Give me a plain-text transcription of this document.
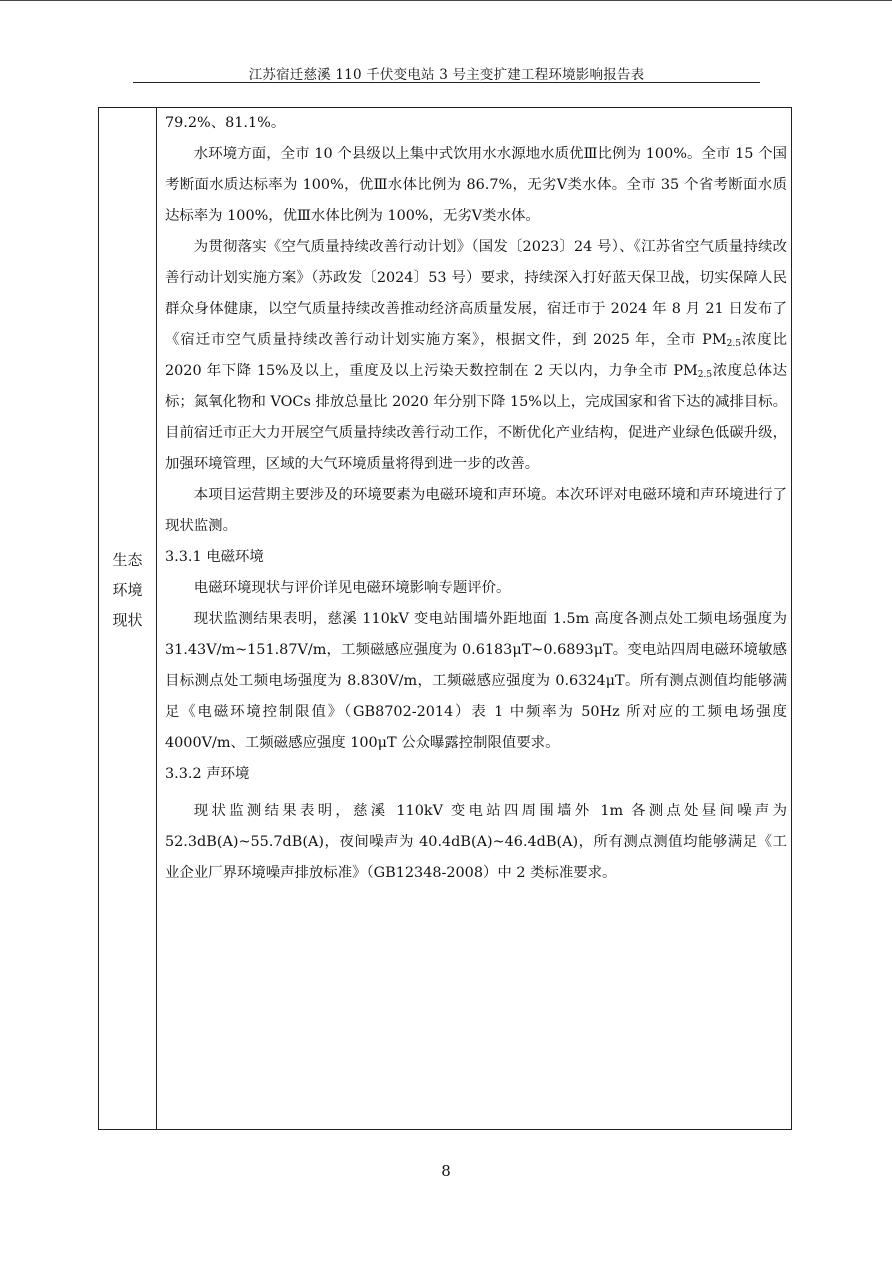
江苏宿迁慈溪 110 千伏变电站 3 号主变扩建工程环境影响报告表
生态
环境
现状

79.2%、81.1%。

水环境方面，全市 10 个县级以上集中式饮用水水源地水质优Ⅲ比例为 100%。全市 15 个国考断面水质达标率为 100%，优Ⅲ水体比例为 86.7%，无劣Ⅴ类水体。全市 35 个省考断面水质达标率为 100%，优Ⅲ水体比例为 100%，无劣Ⅴ类水体。

为贯彻落实《空气质量持续改善行动计划》（国发〔2023〕24 号）、《江苏省空气质量持续改善行动计划实施方案》（苏政发〔2024〕53 号）要求，持续深入打好蓝天保卫战，切实保障人民群众身体健康，以空气质量持续改善推动经济高质量发展，宿迁市于 2024 年 8 月 21 日发布了《宿迁市空气质量持续改善行动计划实施方案》，根据文件，到 2025 年，全市 $PM_{2.5}$浓度比 2020 年下降 15%及以上，重度及以上污染天数控制在 2 天以内，力争全市 $PM_{2.5}$浓度总体达标；氮氧化物和 VOCs 排放总量比 2020 年分别下降 15%以上，完成国家和省下达的减排目标。目前宿迁市正大力开展空气质量持续改善行动工作，不断优化产业结构，促进产业绿色低碳升级，加强环境管理，区域的大气环境质量将得到进一步的改善。

本项目运营期主要涉及的环境要素为电磁环境和声环境。本次环评对电磁环境和声环境进行了现状监测。

3.3.1 电磁环境

电磁环境现状与评价详见电磁环境影响专题评价。

现状监测结果表明，慈溪 110kV 变电站围墙外距地面 1.5m 高度各测点处工频电场强度为 31.43V/m~151.87V/m，工频磁感应强度为 0.6183μT~0.6893μT。变电站四周电磁环境敏感目标测点处工频电场强度为 8.830V/m，工频磁感应强度为 0.6324μT。所有测点测值均能够满足《电磁环境控制限值》（GB8702-2014）表 1 中频率为 50Hz 所对应的工频电场强度 4000V/m、工频磁感应强度 100μT 公众曝露控制限值要求。

3.3.2 声环境

现状监测结果表明，慈溪 110kV 变电站四周围墙外 1m 各测点处昼间噪声为 52.3dB(A)~55.7dB(A)，夜间噪声为 40.4dB(A)~46.4dB(A)，所有测点测值均能够满足《工业企业厂界环境噪声排放标准》（GB12348-2008）中 2 类标准要求。

8
